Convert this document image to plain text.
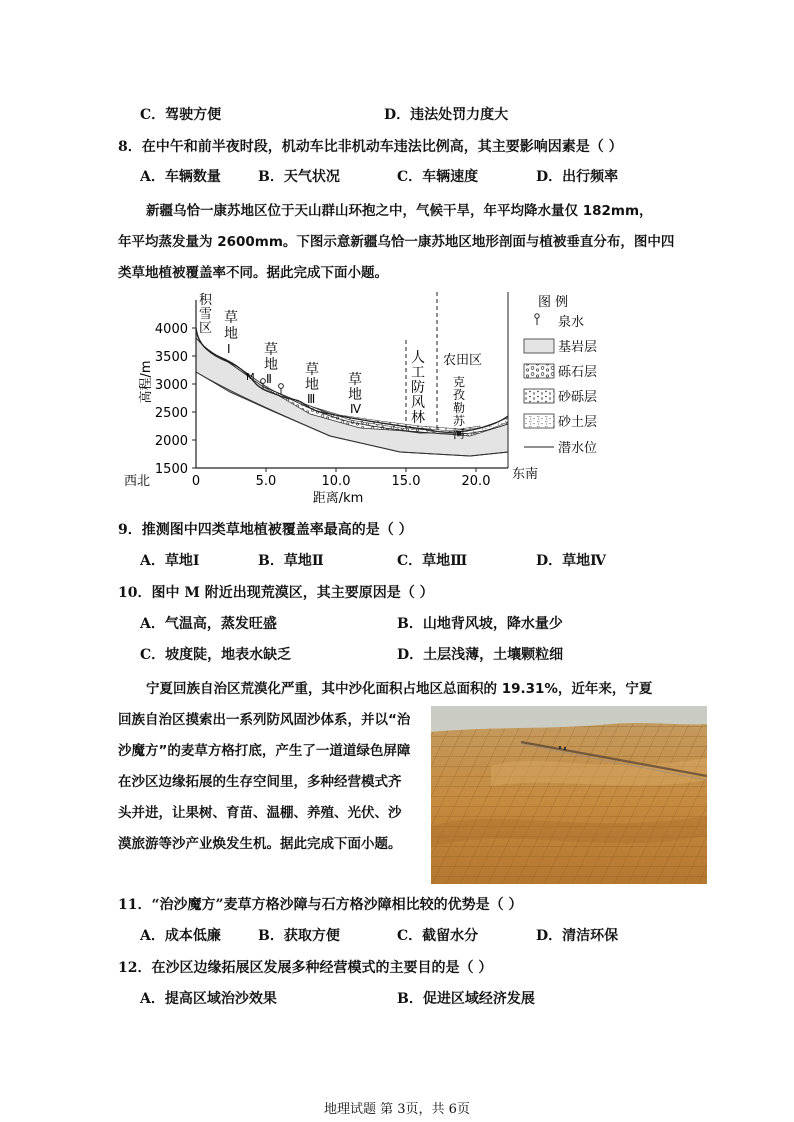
C．驾驶方便	D．违法处罚力度大
8．在中午和前半夜时段，机动车比非机动车违法比例高，其主要影响因素是（ ）
A．车辆数量	B．天气状况	C．车辆速度	D．出行频率
新疆乌恰一康苏地区位于天山群山环抱之中，气候干旱，年平均降水量仅 182mm，
年平均蒸发量为 2600mm。下图示意新疆乌恰一康苏地区地形剖面与植被垂直分布，图中四
类草地植被覆盖率不同。据此完成下面小题。
4000
3500
3000
2500
2000
1500
0	5.0	10.0	15.0	20.0
高程/m
距离/km
西北	东南
积
雪
区
草
地
Ⅰ 草
地
Ⅱ
草
地
Ⅲ
草
地
Ⅳ
人
工
防
风
林
农田区
克
孜
勒
苏
河
M
图 例
泉水
基岩层
砾石层
砂砾层
砂土层
潜水位
9．推测图中四类草地植被覆盖率最高的是（ ）
A．草地Ⅰ	B．草地Ⅱ	C．草地Ⅲ	D．草地Ⅳ
10．图中 M 附近出现荒漠区，其主要原因是（ ）
A．气温高，蒸发旺盛	B．山地背风坡，降水量少
C．坡度陡，地表水缺乏	D．土层浅薄，土壤颗粒细
宁夏回族自治区荒漠化严重，其中沙化面积占地区总面积的 19.31%，近年来，宁夏
回族自治区摸索出一系列防风固沙体系，并以“治
沙魔方”的麦草方格打底，产生了一道道绿色屏障
在沙区边缘拓展的生存空间里，多种经营模式齐
头并进，让果树、育苗、温棚、养殖、光伏、沙
漠旅游等沙产业焕发生机。据此完成下面小题。
11．“治沙魔方”麦草方格沙障与石方格沙障相比较的优势是（ ）
A．成本低廉	B．获取方便	C．截留水分	D．清洁环保
12．在沙区边缘拓展区发展多种经营模式的主要目的是（ ）
A．提高区域治沙效果	B．促进区域经济发展
地理试题 第 3页，共 6页
